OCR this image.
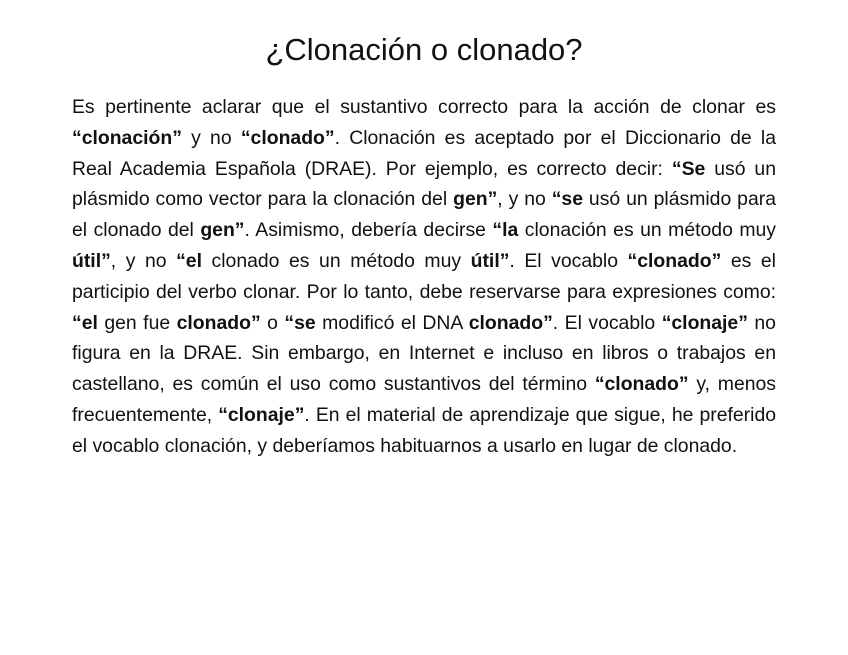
¿Clonación o clonado?

Es pertinente aclarar que el sustantivo correcto para la acción de clonar es “clonación” y no “clonado”. Clonación es aceptado por el Diccionario de la Real Academia Española (DRAE). Por ejemplo, es correcto decir: “Se usó un plásmido como vector para la clonación del gen”, y no “se usó un plásmido para el clonado del gen”. Asimismo, debería decirse “la clonación es un método muy útil”, y no “el clonado es un método muy útil”. El vocablo “clonado” es el participio del verbo clonar. Por lo tanto, debe reservarse para expresiones como: “el gen fue clonado” o “se modificó el DNA clonado”. El vocablo “clonaje” no figura en la DRAE. Sin embargo, en Internet e incluso en libros o trabajos en castellano, es común el uso como sustantivos del término “clonado” y, menos frecuentemente, “clonaje”. En el material de aprendizaje que sigue, he preferido el vocablo clonación, y deberíamos habituarnos a usarlo en lugar de clonado.
